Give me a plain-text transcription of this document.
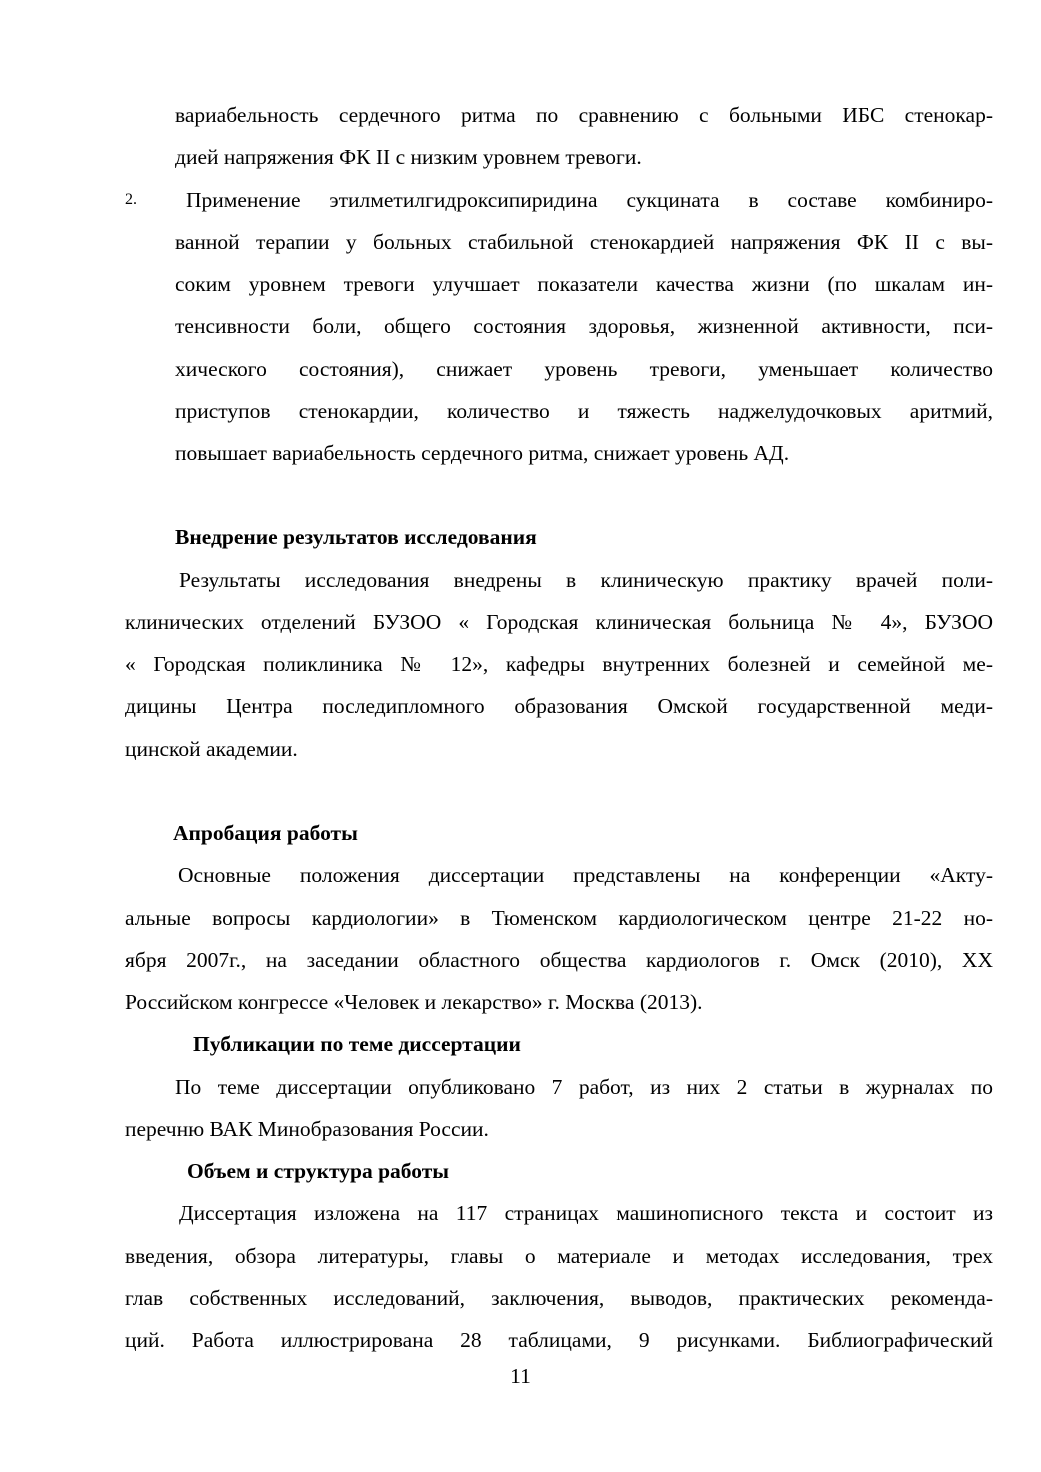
вариабельность сердечного ритма по сравнению с больными ИБС стенокар-
дией напряжения ФК II с низким уровнем тревоги.
2. Применение этилметилгидроксипиридина сукцината в составе комбиниро-
ванной терапии у больных стабильной стенокардией напряжения ФК II с вы-
соким уровнем тревоги улучшает показатели качества жизни (по шкалам ин-
тенсивности боли, общего состояния здоровья, жизненной активности, пси-
хического состояния), снижает уровень тревоги, уменьшает количество
приступов стенокардии, количество и тяжесть наджелудочковых аритмий,
повышает вариабельность сердечного ритма, снижает уровень АД.
Внедрение результатов исследования
Результаты исследования внедрены в клиническую практику врачей поли-
клинических отделений БУЗОО « Городская клиническая больница № 4», БУЗОО
« Городская поликлиника № 12», кафедры внутренних болезней и семейной ме-
дицины Центра последипломного образования Омской государственной меди-
цинской академии.
Апробация работы
Основные положения диссертации представлены на конференции «Акту-
альные вопросы кардиологии» в Тюменском кардиологическом центре 21-22 но-
ября 2007г., на заседании областного общества кардиологов г. Омск (2010), XX
Российском конгрессе «Человек и лекарство» г. Москва (2013).
Публикации по теме диссертации
По теме диссертации опубликовано 7 работ, из них 2 статьи в журналах по
перечню ВАК Минобразования России.
Объем и структура работы
Диссертация изложена на 117 страницах машинописного текста и состоит из
введения, обзора литературы, главы о материале и методах исследования, трех
глав собственных исследований, заключения, выводов, практических рекоменда-
ций. Работа иллюстрирована 28 таблицами, 9 рисунками. Библиографический
11
